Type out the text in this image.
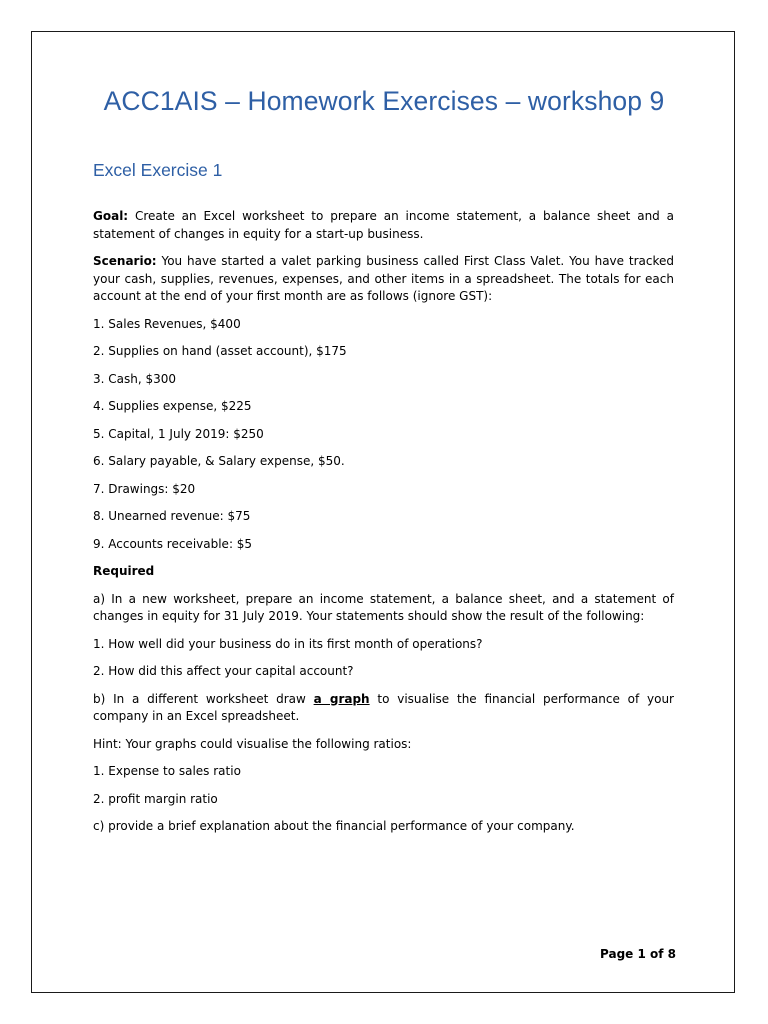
ACC1AIS – Homework Exercises – workshop 9
Excel Exercise 1

Goal: Create an Excel worksheet to prepare an income statement, a balance sheet and a statement of changes in equity for a start-up business.

Scenario: You have started a valet parking business called First Class Valet. You have tracked your cash, supplies, revenues, expenses, and other items in a spreadsheet. The totals for each account at the end of your first month are as follows (ignore GST):

1. Sales Revenues, $400

2. Supplies on hand (asset account), $175

3. Cash, $300

4. Supplies expense, $225

5. Capital, 1 July 2019: $250

6. Salary payable, & Salary expense, $50.

7. Drawings: $20

8. Unearned revenue: $75

9. Accounts receivable: $5

Required

a) In a new worksheet, prepare an income statement, a balance sheet, and a statement of changes in equity for 31 July 2019. Your statements should show the result of the following:

1. How well did your business do in its first month of operations?

2. How did this affect your capital account?

b) In a different worksheet draw a graph to visualise the financial performance of your company in an Excel spreadsheet.

Hint: Your graphs could visualise the following ratios:

1. Expense to sales ratio

2. profit margin ratio

c) provide a brief explanation about the financial performance of your company.

Page 1 of 8
